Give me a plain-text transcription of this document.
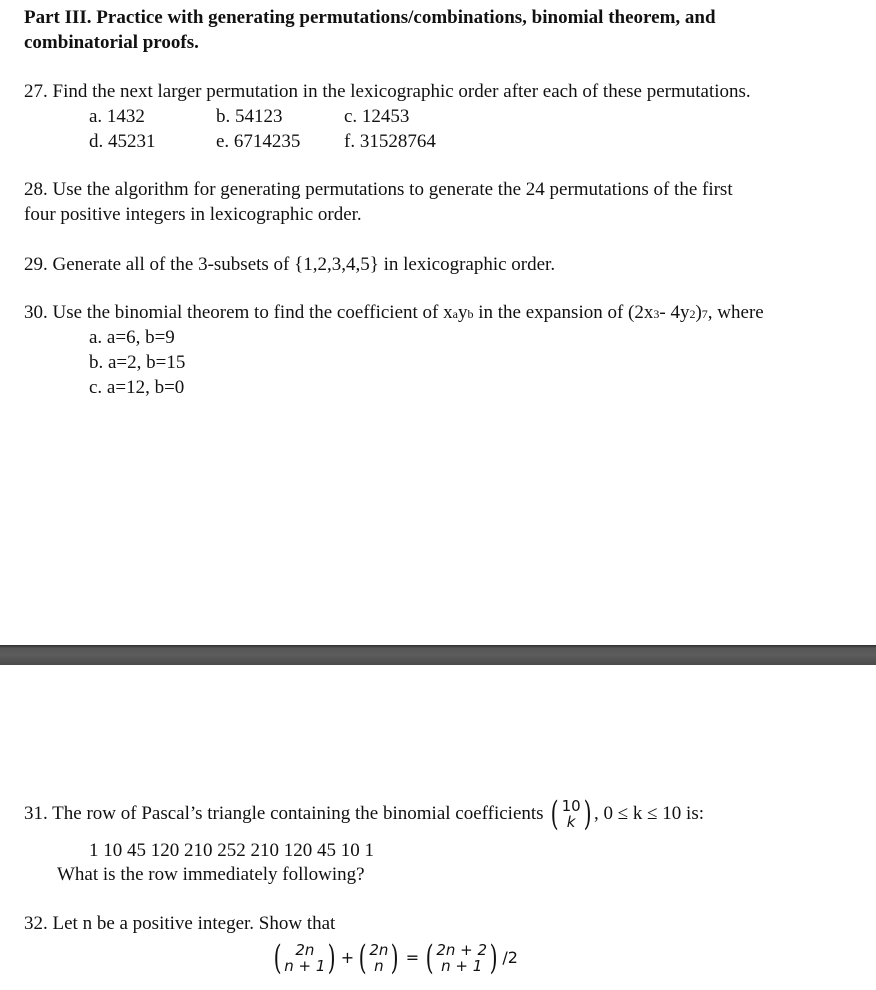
Part III. Practice with generating permutations/combinations, binomial theorem, and
combinatorial proofs.
27. Find the next larger permutation in the lexicographic order after each of these permutations.
a. 1432	b. 54123	c. 12453
d. 45231	e. 6714235 f. 31528764
28. Use the algorithm for generating permutations to generate the 24 permutations of the first
four positive integers in lexicographic order.
29. Generate all of the 3-subsets of {1,2,3,4,5} in lexicographic order.
30. Use the binomial theorem to find the coefficient of xayb in the expansion of (2x3- 4y2)7, where
a. a=6, b=9
b. a=2, b=15
c. a=12, b=0
31. The row of Pascal’s triangle containing the binomial coefficients
( 10
k ) , 0 ≤ k ≤ 10 is:
1 10 45 120 210 252 210 120 45 10 1
What is the row immediately following?
32. Let n be a positive integer. Show that
( 2n
n + 1 ) + ( 2n
n ) = ( 2n + 2
n + 1 ) /2
